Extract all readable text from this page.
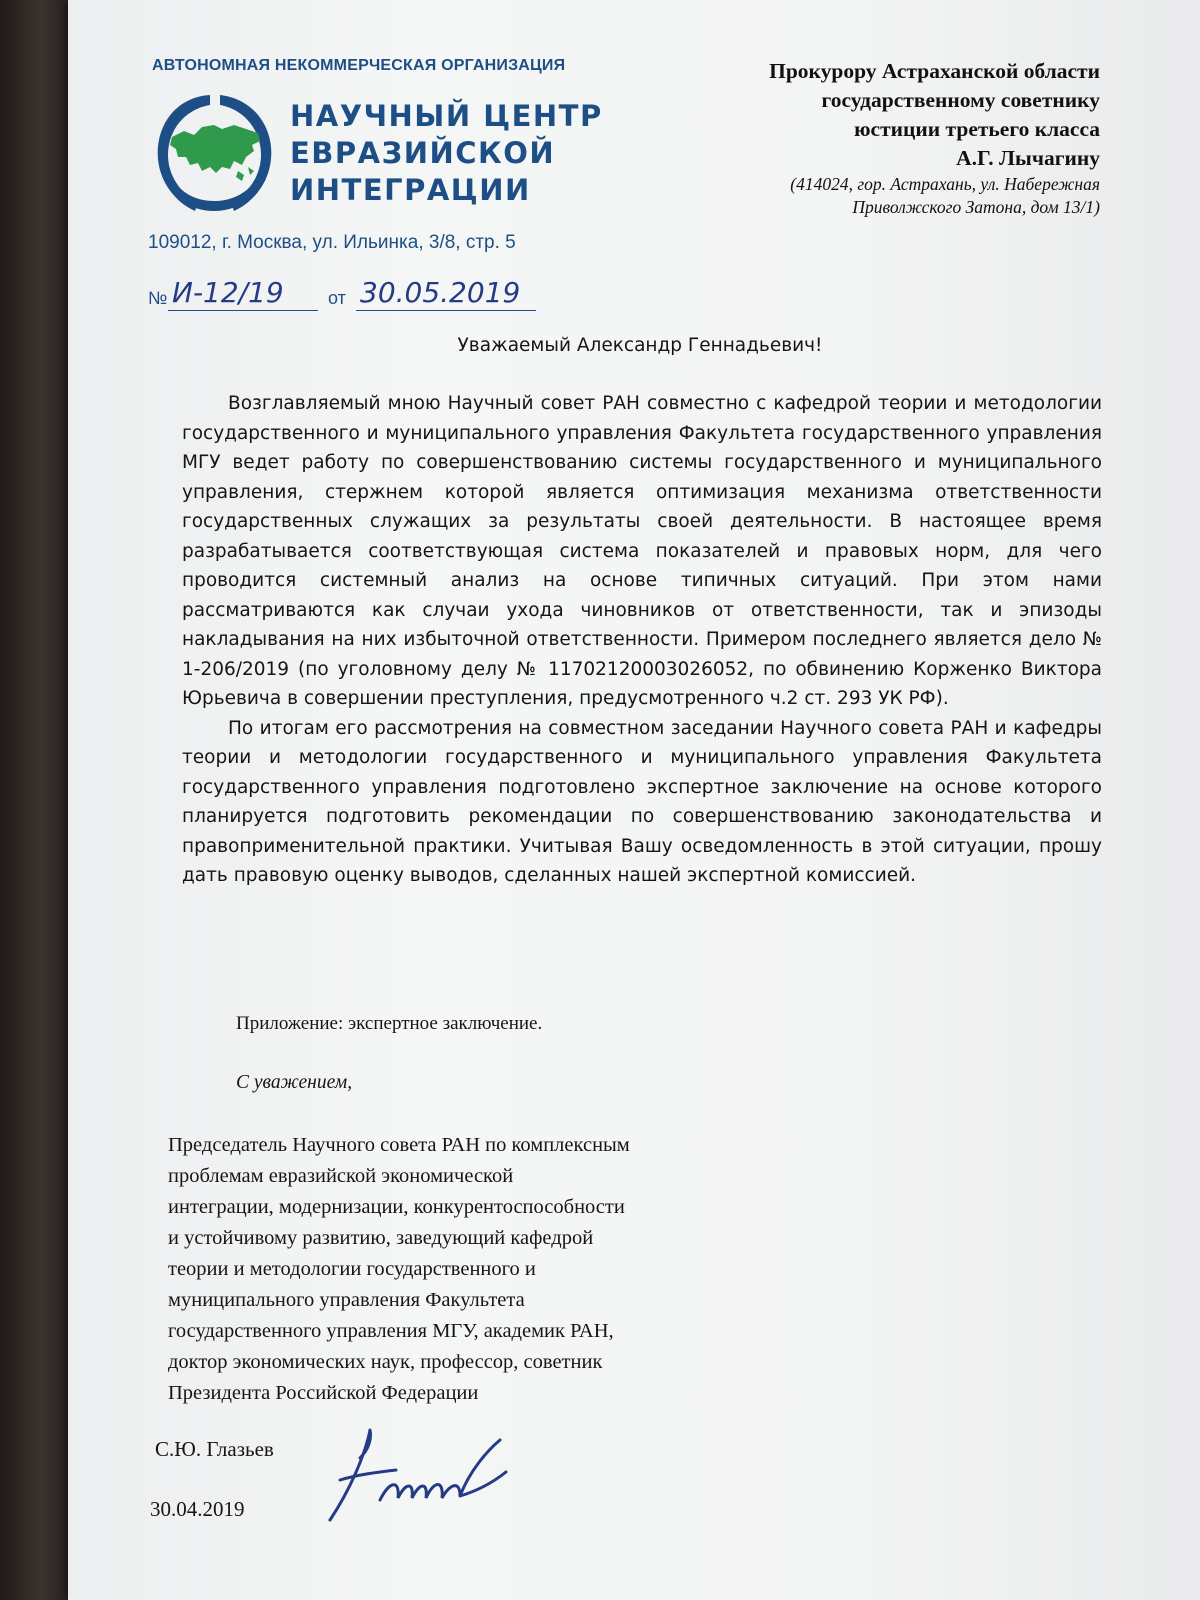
АВТОНОМНАЯ НЕКОММЕРЧЕСКАЯ ОРГАНИЗАЦИЯ
НАУЧНЫЙ ЦЕНТР
ЕВРАЗИЙСКОЙ
ИНТЕГРАЦИИ
109012, г. Москва, ул. Ильинка, 3/8, стр. 5
№ И-12/19 от 30.05.2019
Прокурору Астраханской области
государственному советнику
юстиции третьего класса
А.Г. Лычагину
(414024, гор. Астрахань, ул. Набережная
Приволжского Затона, дом 13/1)
Уважаемый Александр Геннадьевич!

Возглавляемый мною Научный совет РАН совместно с кафедрой теории и методологии государственного и муниципального управления Факультета государственного управления МГУ ведет работу по совершенствованию системы государственного и муниципального управления, стержнем которой является оптимизация механизма ответственности государственных служащих за результаты своей деятельности. В настоящее время разрабатывается соответствующая система показателей и правовых норм, для чего проводится системный анализ на основе типичных ситуаций. При этом нами рассматриваются как случаи ухода чиновников от ответственности, так и эпизоды накладывания на них избыточной ответственности. Примером последнего является дело № 1-206/2019 (по уголовному делу № 11702120003026052, по обвинению Корженко Виктора Юрьевича в совершении преступления, предусмотренного ч.2 ст. 293 УК РФ).

По итогам его рассмотрения на совместном заседании Научного совета РАН и кафедры теории и методологии государственного и муниципального управления Факультета государственного управления подготовлено экспертное заключение на основе которого планируется подготовить рекомендации по совершенствованию законодательства и правоприменительной практики. Учитывая Вашу осведомленность в этой ситуации, прошу дать правовую оценку выводов, сделанных нашей экспертной комиссией.

Приложение: экспертное заключение.
С уважением,
Председатель Научного совета РАН по комплексным
проблемам евразийской экономической
интеграции, модернизации, конкурентоспособности
и устойчивому развитию, заведующий кафедрой
теории и методологии государственного и
муниципального управления Факультета
государственного управления МГУ, академик РАН,
доктор экономических наук, профессор, советник
Президента Российской Федерации
С.Ю. Глазьев
30.04.2019
